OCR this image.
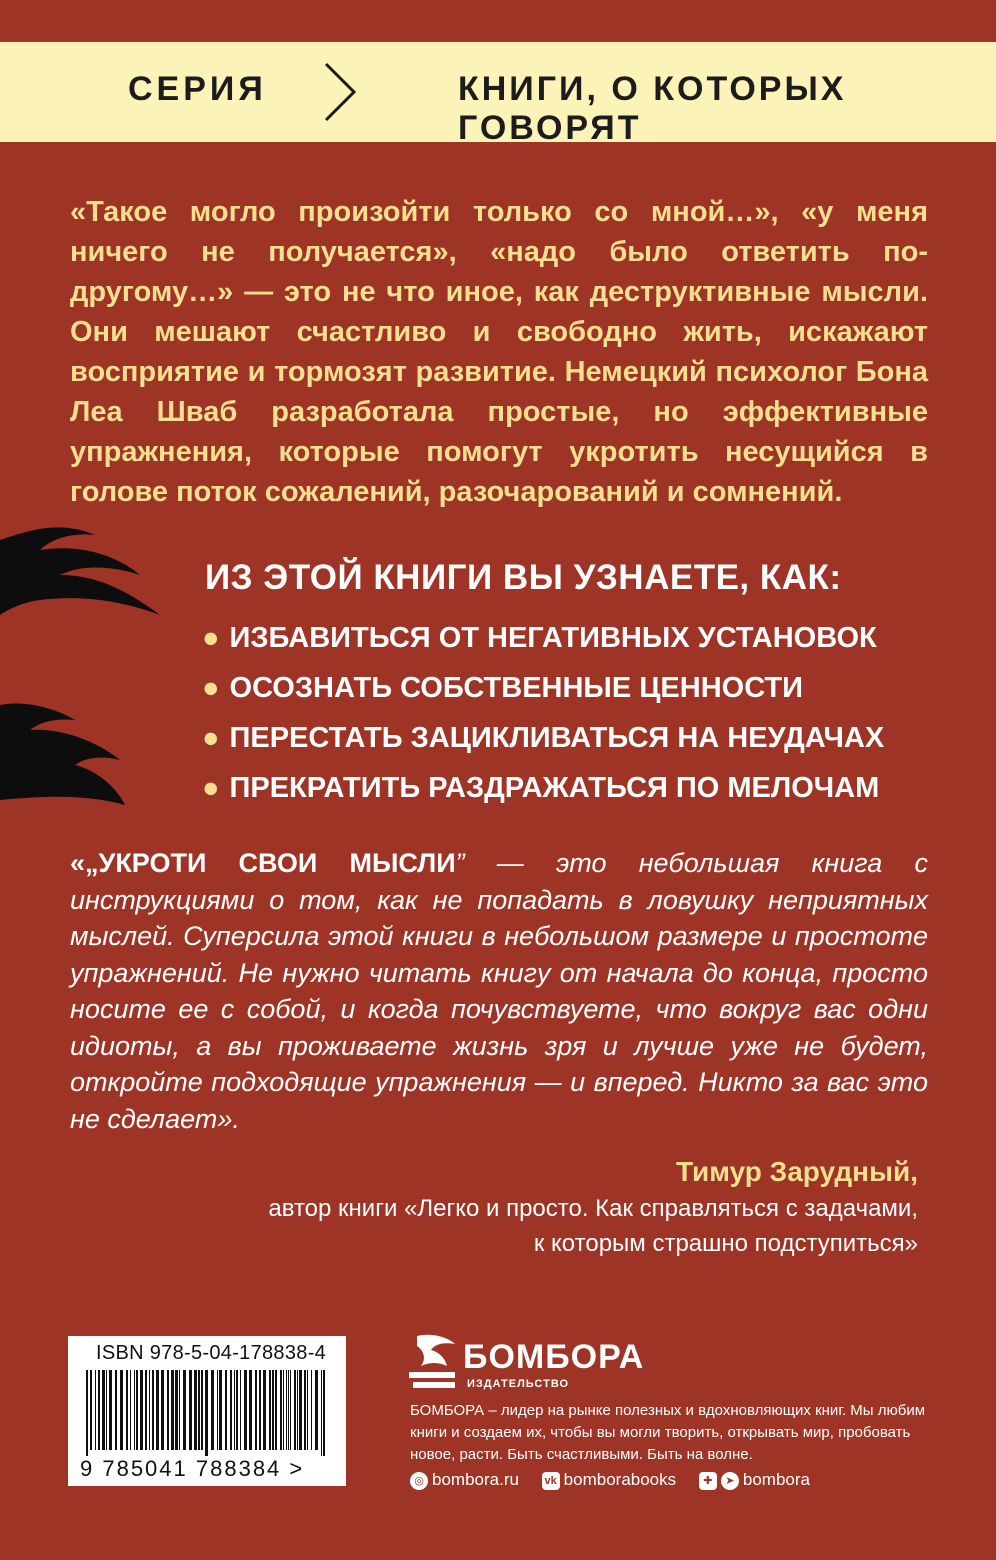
СЕРИЯ	КНИГИ, О КОТОРЫХ ГОВОРЯТ
«Такое могло произойти только со мной…», «у меня ничего не получается», «надо было ответить по-другому…» — это не что иное, как деструктивные мысли. Они мешают счастливо и свободно жить, искажают восприятие и тормозят развитие. Немецкий психолог Бона Леа Шваб разработала простые, но эффективные упражнения, которые помогут укротить несущийся в голове поток сожалений, разочарований и сомнений.
ИЗ ЭТОЙ КНИГИ ВЫ УЗНАЕТЕ, КАК:
● ИЗБАВИТЬСЯ ОТ НЕГАТИВНЫХ УСТАНОВОК
● ОСОЗНАТЬ СОБСТВЕННЫЕ ЦЕННОСТИ
● ПЕРЕСТАТЬ ЗАЦИКЛИВАТЬСЯ НА НЕУДАЧАХ
● ПРЕКРАТИТЬ РАЗДРАЖАТЬСЯ ПО МЕЛОЧАМ
«„УКРОТИ СВОИ МЫСЛИ” — это небольшая книга с инструкциями о том, как не попадать в ловушку неприятных мыслей. Суперсила этой книги в небольшом размере и простоте упражнений. Не нужно читать книгу от начала до конца, просто носите ее с собой, и когда почувствуете, что вокруг вас одни идиоты, а вы проживаете жизнь зря и лучше уже не будет, откройте подходящие упражнения — и вперед. Никто за вас это не сделает».
Тимур Зарудный,
автор книги «Легко и просто. Как справляться с задачами,
к которым страшно подступиться»
ISBN 978-5-04-178838-4
9 785041 788384 >
БОМБОРА
ИЗДАТЕЛЬСТВО
БОМБОРА – лидер на рынке полезных и вдохновляющих книг. Мы любим книги и создаем их, чтобы вы могли творить, открывать мир, пробовать новое, расти. Быть счастливыми. Быть на волне.
◎ bombora.ru vk bomborabooks ✚ ➤ bombora
